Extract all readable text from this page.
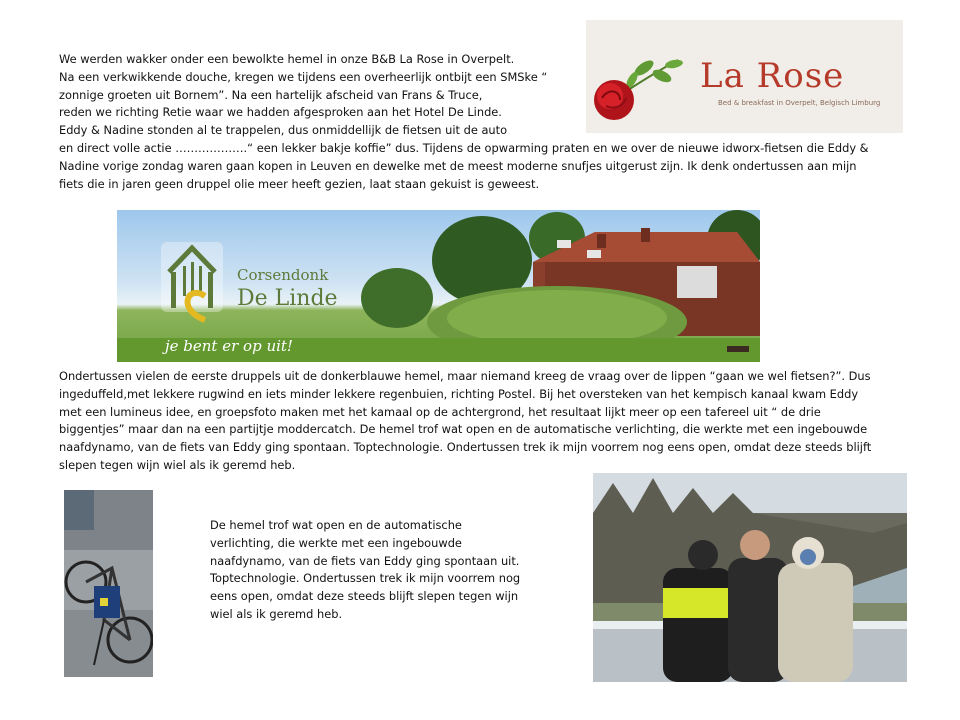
We werden wakker onder een bewolkte hemel in onze B&B La Rose in Overpelt.

Na een verkwikkende douche, kregen we tijdens een overheerlijk ontbijt een SMSke “

zonnige groeten uit Bornem”. Na een hartelijk afscheid van Frans & Truce,

reden we richting Retie waar we hadden afgesproken aan het Hotel De Linde.

Eddy & Nadine stonden al te trappelen, dus onmiddellijk de fietsen uit de auto

en direct volle actie ……………….“ een lekker bakje koffie” dus. Tijdens de opwarming praten en we over de nieuwe idworx-fietsen die Eddy &

Nadine vorige zondag waren gaan kopen in Leuven en dewelke met de meest moderne snufjes uitgerust zijn. Ik denk ondertussen aan mijn

fiets die in jaren geen druppel olie meer heeft gezien, laat staan gekuist is geweest.

La Rose
Bed & breakfast in Overpelt, Belgisch Limburg
Corsendonk
De Linde
je bent er op uit!

Ondertussen vielen de eerste druppels uit de donkerblauwe hemel, maar niemand kreeg de vraag over de lippen “gaan we wel fietsen?”. Dus

ingeduffeld,met lekkere rugwind en iets minder lekkere regenbuien, richting Postel. Bij het oversteken van het kempisch kanaal kwam Eddy

met een lumineus idee, en groepsfoto maken met het kamaal op de achtergrond, het resultaat lijkt meer op een tafereel uit “ de drie

biggentjes” maar dan na een partijtje moddercatch. De hemel trof wat open en de automatische verlichting, die werkte met een ingebouwde

naafdynamo, van de fiets van Eddy ging spontaan. Toptechnologie. Ondertussen trek ik mijn voorrem nog eens open, omdat deze steeds blijft

slepen tegen wijn wiel als ik geremd heb.

De hemel trof wat open en de automatische

verlichting, die werkte met een ingebouwde

naafdynamo, van de fiets van Eddy ging spontaan uit.

Toptechnologie. Ondertussen trek ik mijn voorrem nog

eens open, omdat deze steeds blijft slepen tegen wijn

wiel als ik geremd heb.
